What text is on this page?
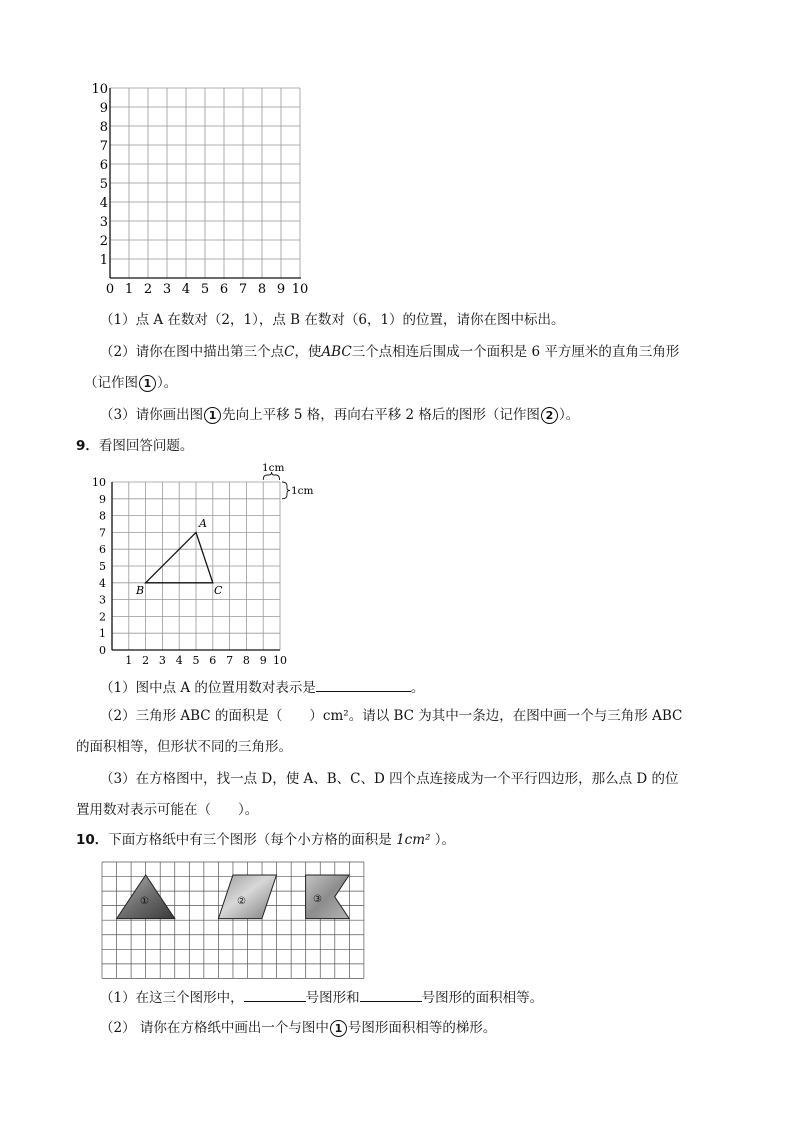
0 1 2 3 4 5 6 7 8 9 10
1
2
3
4
5
6
7
8
9
10
（1）点 A 在数对（2，1），点 B 在数对（6，1）的位置，请你在图中标出。
（2）请你在图中描出第三个点C，使ABC三个点相连后围成一个面积是 6 平方厘米的直角三角形
（记作图 1 ）。
（3）请你画出图 1 先向上平移 5 格，再向右平移 2 格后的图形（记作图 2 ）。
9．看图回答问题。
1 2 3 4 5 6 7 8 9 10
0
1
2
3
4
5
6
7
8
9
10
A
B	C
1cm
1cm
（1）图中点 A 的位置用数对表示是	。
（2）三角形 ABC 的面积是（　　）cm²。请以 BC 为其中一条边，在图中画一个与三角形 ABC
的面积相等，但形状不同的三角形。
（3）在方格图中，找一点 D，使 A、B、C、D 四个点连接成为一个平行四边形，那么点 D 的位
置用数对表示可能在（　　）。
10．下面方格纸中有三个图形（每个小方格的面积是 1cm² ）。
①	②	③
（1）在这三个图形中，	号图形和	号图形的面积相等。
（2） 请你在方格纸中画出一个与图中 1 号图形面积相等的梯形。
